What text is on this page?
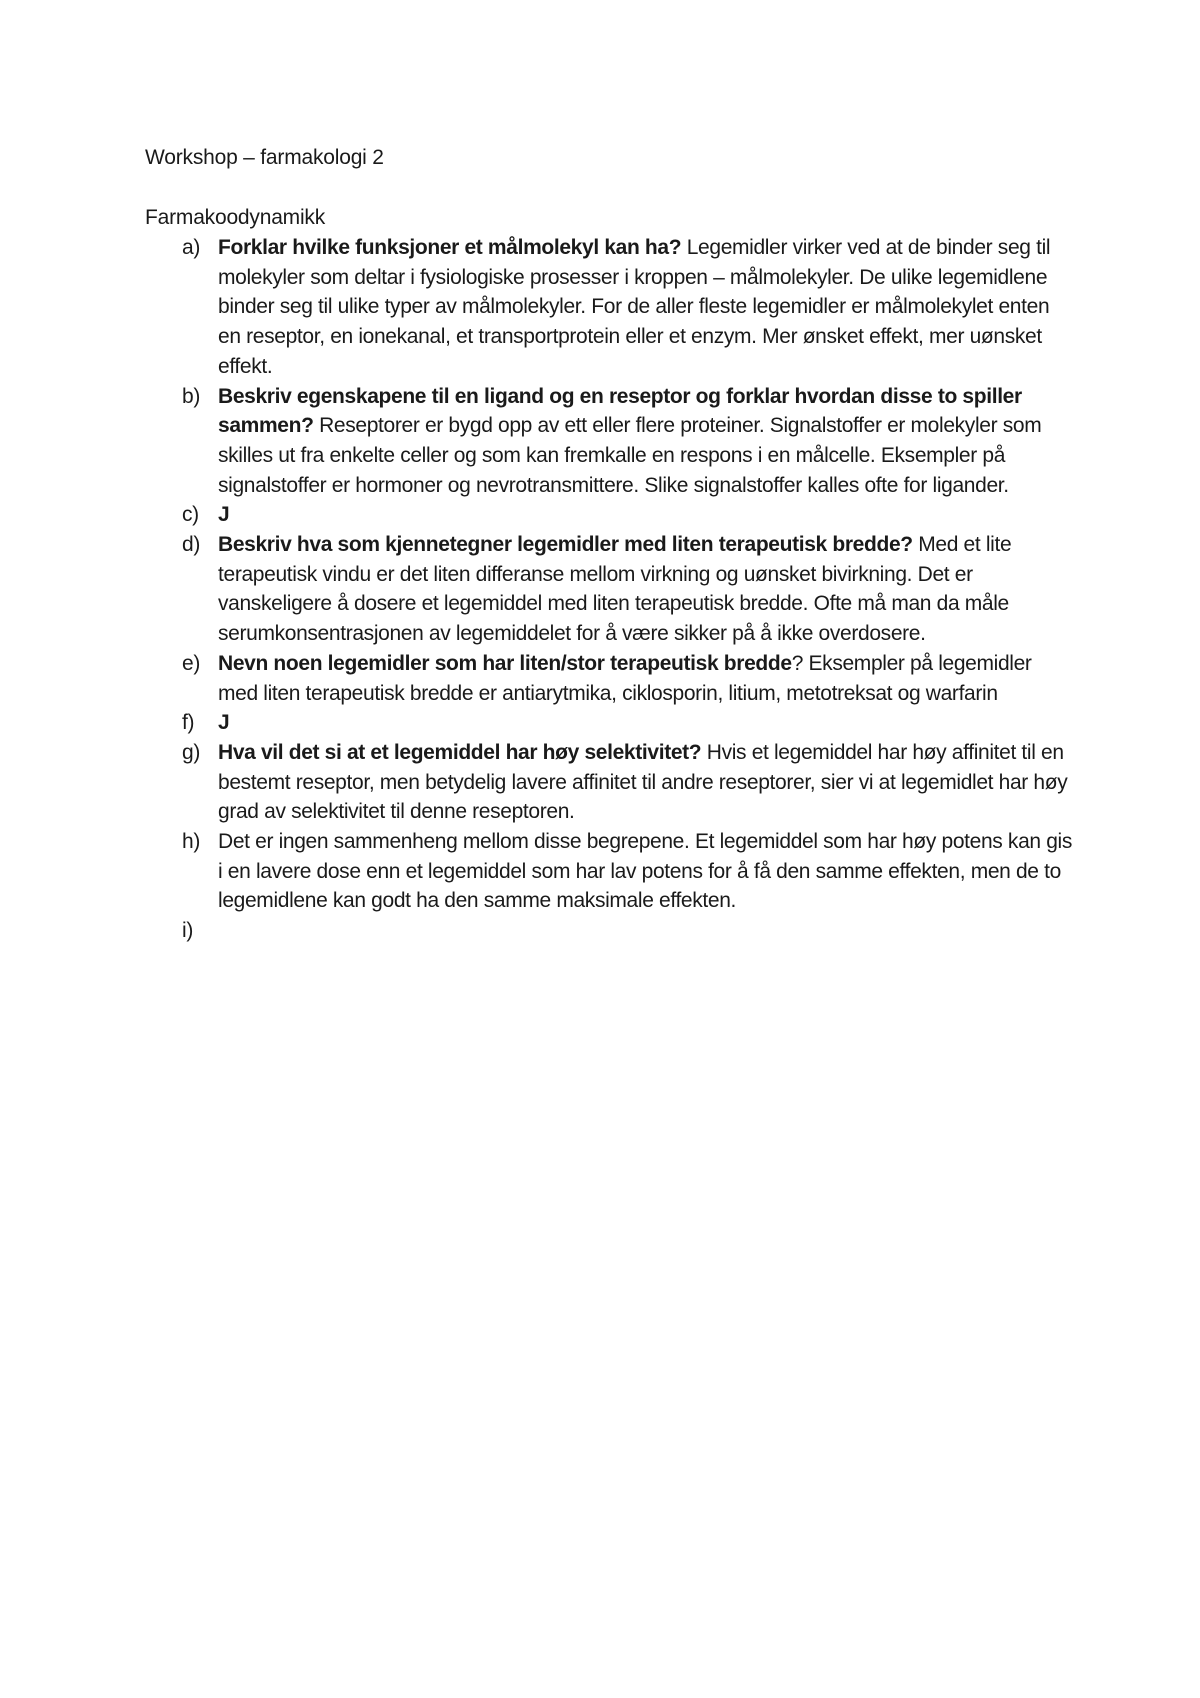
Workshop – farmakologi 2
Farmakoodynamikk
a) Forklar hvilke funksjoner et målmolekyl kan ha? Legemidler virker ved at de binder seg til molekyler som deltar i fysiologiske prosesser i kroppen – målmolekyler. De ulike legemidlene binder seg til ulike typer av målmolekyler. For de aller fleste legemidler er målmolekylet enten en reseptor, en ionekanal, et transportprotein eller et enzym. Mer ønsket effekt, mer uønsket effekt.
b) Beskriv egenskapene til en ligand og en reseptor og forklar hvordan disse to spiller sammen? Reseptorer er bygd opp av ett eller flere proteiner. Signalstoffer er molekyler som skilles ut fra enkelte celler og som kan fremkalle en respons i en målcelle. Eksempler på signalstoffer er hormoner og nevrotransmittere. Slike signalstoffer kalles ofte for ligander.
c) J
d) Beskriv hva som kjennetegner legemidler med liten terapeutisk bredde? Med et lite terapeutisk vindu er det liten differanse mellom virkning og uønsket bivirkning. Det er vanskeligere å dosere et legemiddel med liten terapeutisk bredde. Ofte må man da måle serumkonsentrasjonen av legemiddelet for å være sikker på å ikke overdosere.
e) Nevn noen legemidler som har liten/stor terapeutisk bredde? Eksempler på legemidler med liten terapeutisk bredde er antiarytmika, ciklosporin, litium, metotreksat og warfarin
f)	J
g) Hva vil det si at et legemiddel har høy selektivitet? Hvis et legemiddel har høy affinitet til en bestemt reseptor, men betydelig lavere affinitet til andre reseptorer, sier vi at legemidlet har høy grad av selektivitet til denne reseptoren.
h) Det er ingen sammenheng mellom disse begrepene. Et legemiddel som har høy potens kan gis i en lavere dose enn et legemiddel som har lav potens for å få den samme effekten, men de to legemidlene kan godt ha den samme maksimale effekten.
i)
